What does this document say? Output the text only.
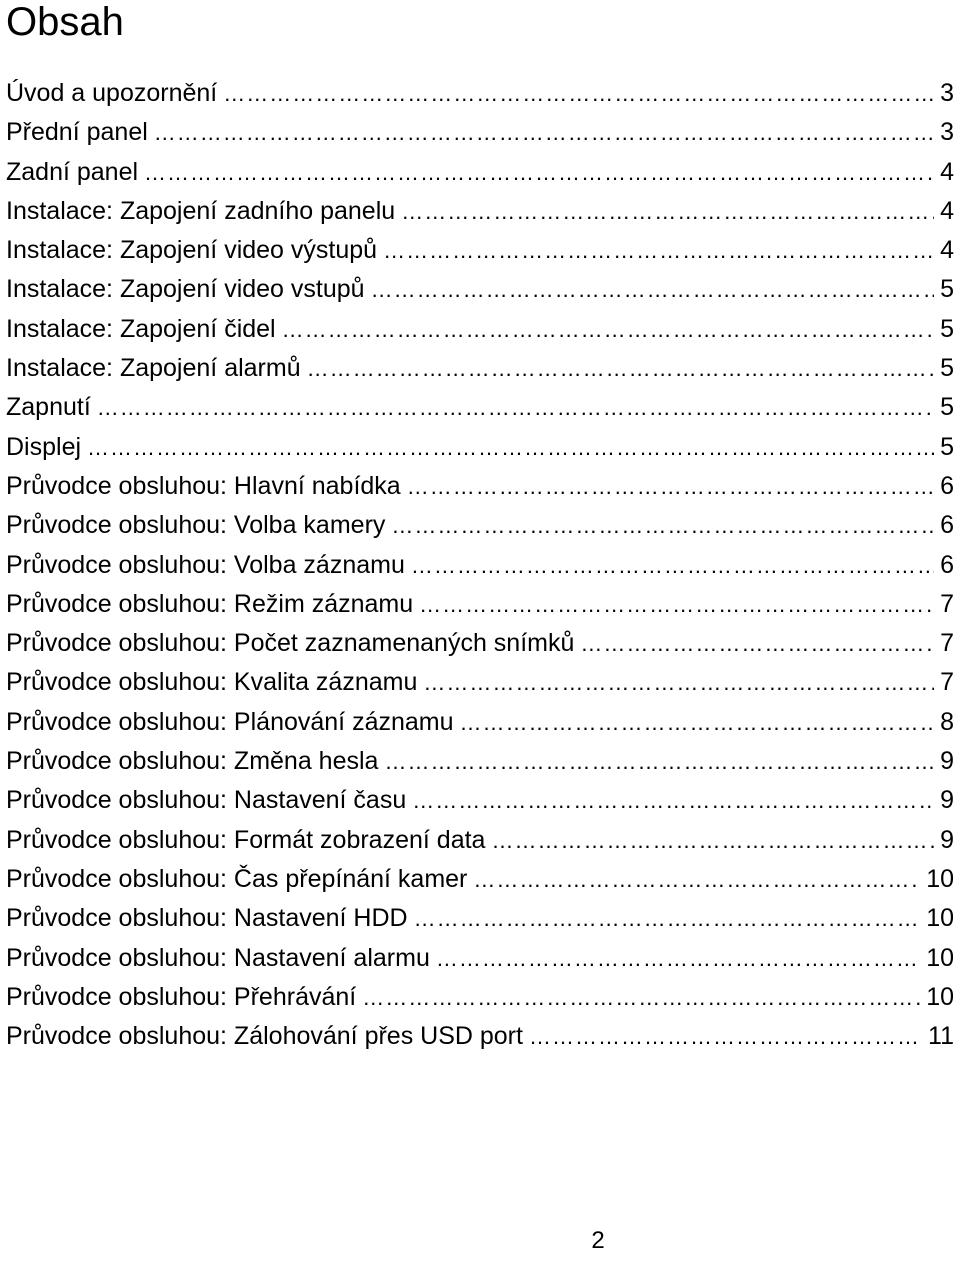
Obsah
Úvod a upozornění ……………………………………………………………………………………………………………………………………………………………	3
Přední panel ……………………………………………………………………………………………………………………………………………………………	3
Zadní panel ……………………………………………………………………………………………………………………………………………………………	4
Instalace: Zapojení zadního panelu ……………………………………………………………………………………………………………………………………………………………	4
Instalace: Zapojení video výstupů ……………………………………………………………………………………………………………………………………………………………	4
Instalace: Zapojení video vstupů ……………………………………………………………………………………………………………………………………………………………	5
Instalace: Zapojení čidel ……………………………………………………………………………………………………………………………………………………………	5
Instalace: Zapojení alarmů ……………………………………………………………………………………………………………………………………………………………	5
Zapnutí ……………………………………………………………………………………………………………………………………………………………	5
Displej ……………………………………………………………………………………………………………………………………………………………	5
Průvodce obsluhou: Hlavní nabídka ……………………………………………………………………………………………………………………………………………………………	6
Průvodce obsluhou: Volba kamery ……………………………………………………………………………………………………………………………………………………………	6
Průvodce obsluhou: Volba záznamu ……………………………………………………………………………………………………………………………………………………………	6
Průvodce obsluhou: Režim záznamu ……………………………………………………………………………………………………………………………………………………………	7
Průvodce obsluhou: Počet zaznamenaných snímků ……………………………………………………………………………………………………………………………………………………………	7
Průvodce obsluhou: Kvalita záznamu ……………………………………………………………………………………………………………………………………………………………	7
Průvodce obsluhou: Plánování záznamu ……………………………………………………………………………………………………………………………………………………………	8
Průvodce obsluhou: Změna hesla ……………………………………………………………………………………………………………………………………………………………	9
Průvodce obsluhou: Nastavení času ……………………………………………………………………………………………………………………………………………………………	9
Průvodce obsluhou: Formát zobrazení data ……………………………………………………………………………………………………………………………………………………………	9
Průvodce obsluhou: Čas přepínání kamer ……………………………………………………………………………………………………………………………………………………………	10
Průvodce obsluhou: Nastavení HDD ……………………………………………………………………………………………………………………………………………………………	10
Průvodce obsluhou: Nastavení alarmu ……………………………………………………………………………………………………………………………………………………………	10
Průvodce obsluhou: Přehrávání ……………………………………………………………………………………………………………………………………………………………	10
Průvodce obsluhou: Zálohování přes USD port ……………………………………………………………………………………………………………………………………………………………	11
2
